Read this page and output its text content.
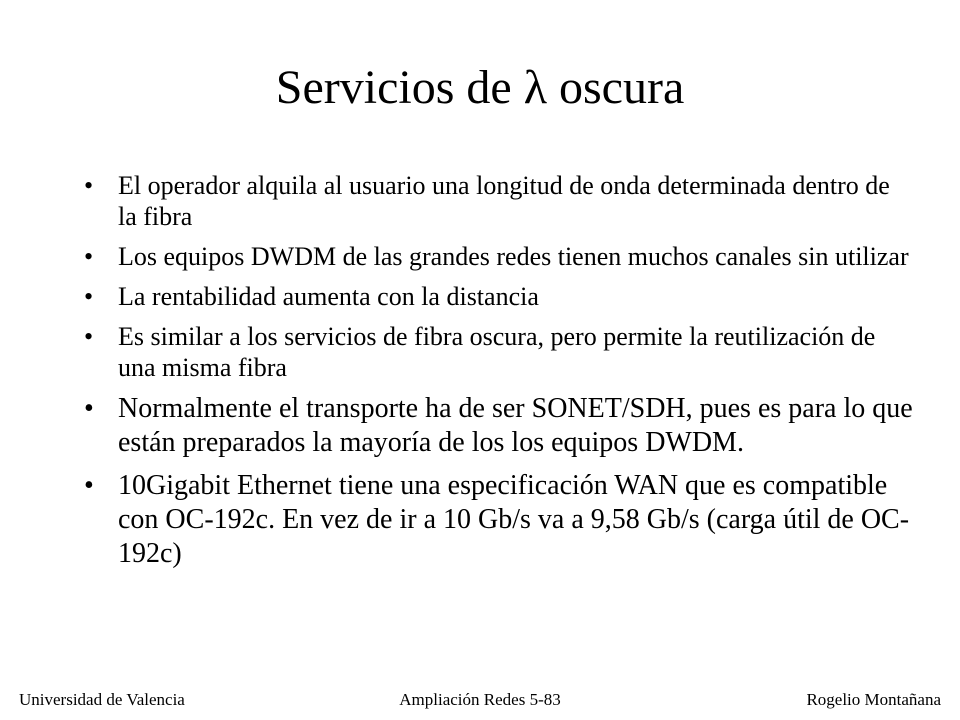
Servicios de λ oscura
• El operador alquila al usuario una longitud de onda determinada dentro de la fibra
• Los equipos DWDM de las grandes redes tienen muchos canales sin utilizar
• La rentabilidad aumenta con la distancia
• Es similar a los servicios de fibra oscura, pero permite la reutilización de una misma fibra
• Normalmente el transporte ha de ser SONET/SDH, pues es para lo que están preparados la mayoría de los los equipos DWDM.
• 10Gigabit Ethernet tiene una especificación WAN que es compatible con OC-192c. En vez de ir a 10 Gb/s va a 9,58 Gb/s (carga útil de OC-192c)
Universidad de Valencia	Ampliación Redes 5-83	Rogelio Montañana
